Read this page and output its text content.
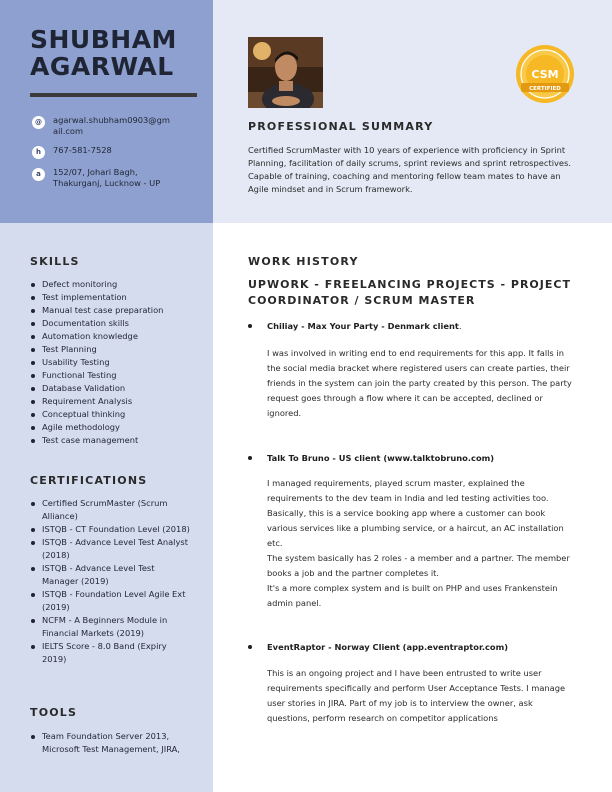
SHUBHAM AGARWAL
@	agarwal.shubham0903@gmail.com
h	767-581-7528
a	152/07, Johari Bagh, Thakurganj, Lucknow - UP
CSM
CERTIFIED
PROFESSIONAL SUMMARY

Certified ScrumMaster with 10 years of experience with proficiency in Sprint Planning, facilitation of daily scrums, sprint reviews and sprint retrospectives. Capable of training, coaching and mentoring fellow team mates to have an Agile mindset and in Scrum framework.

SKILLS
Defect monitoring
Test implementation
Manual test case preparation
Documentation skills
Automation knowledge
Test Planning
Usability Testing
Functional Testing
Database Validation
Requirement Analysis
Conceptual thinking
Agile methodology
Test case management
CERTIFICATIONS
Certified ScrumMaster (Scrum Alliance)
ISTQB - CT Foundation Level (2018)
ISTQB - Advance Level Test Analyst (2018)
ISTQB - Advance Level Test Manager (2019)
ISTQB - Foundation Level Agile Ext (2019)
NCFM - A Beginners Module in Financial Markets (2019)
IELTS Score - 8.0 Band (Expiry 2019)
TOOLS
Team Foundation Server 2013, Microsoft Test Management, JIRA,
WORK HISTORY
UPWORK - FREELANCING PROJECTS - PROJECT COORDINATOR / SCRUM MASTER
Chiliay - Max Your Party - Denmark client .
I was involved in writing end to end requirements for this app. It falls in the social media bracket where registered users can create parties, their friends in the system can join the party created by this person. The party request goes through a flow where it can be accepted, declined or ignored.
Talk To Bruno - US client (www.talktobruno.com)
I managed requirements, played scrum master, explained the requirements to the dev team in India and led testing activities too. Basically, this is a service booking app where a customer can book various services like a plumbing service, or a haircut, an AC installation etc.
The system basically has 2 roles - a member and a partner. The member books a job and the partner completes it.
It's a more complex system and is built on PHP and uses Frankenstein admin panel.
EventRaptor - Norway Client (app.eventraptor.com)
This is an ongoing project and I have been entrusted to write user requirements specifically and perform User Acceptance Tests. I manage user stories in JIRA. Part of my job is to interview the owner, ask questions, perform research on competitor applications
